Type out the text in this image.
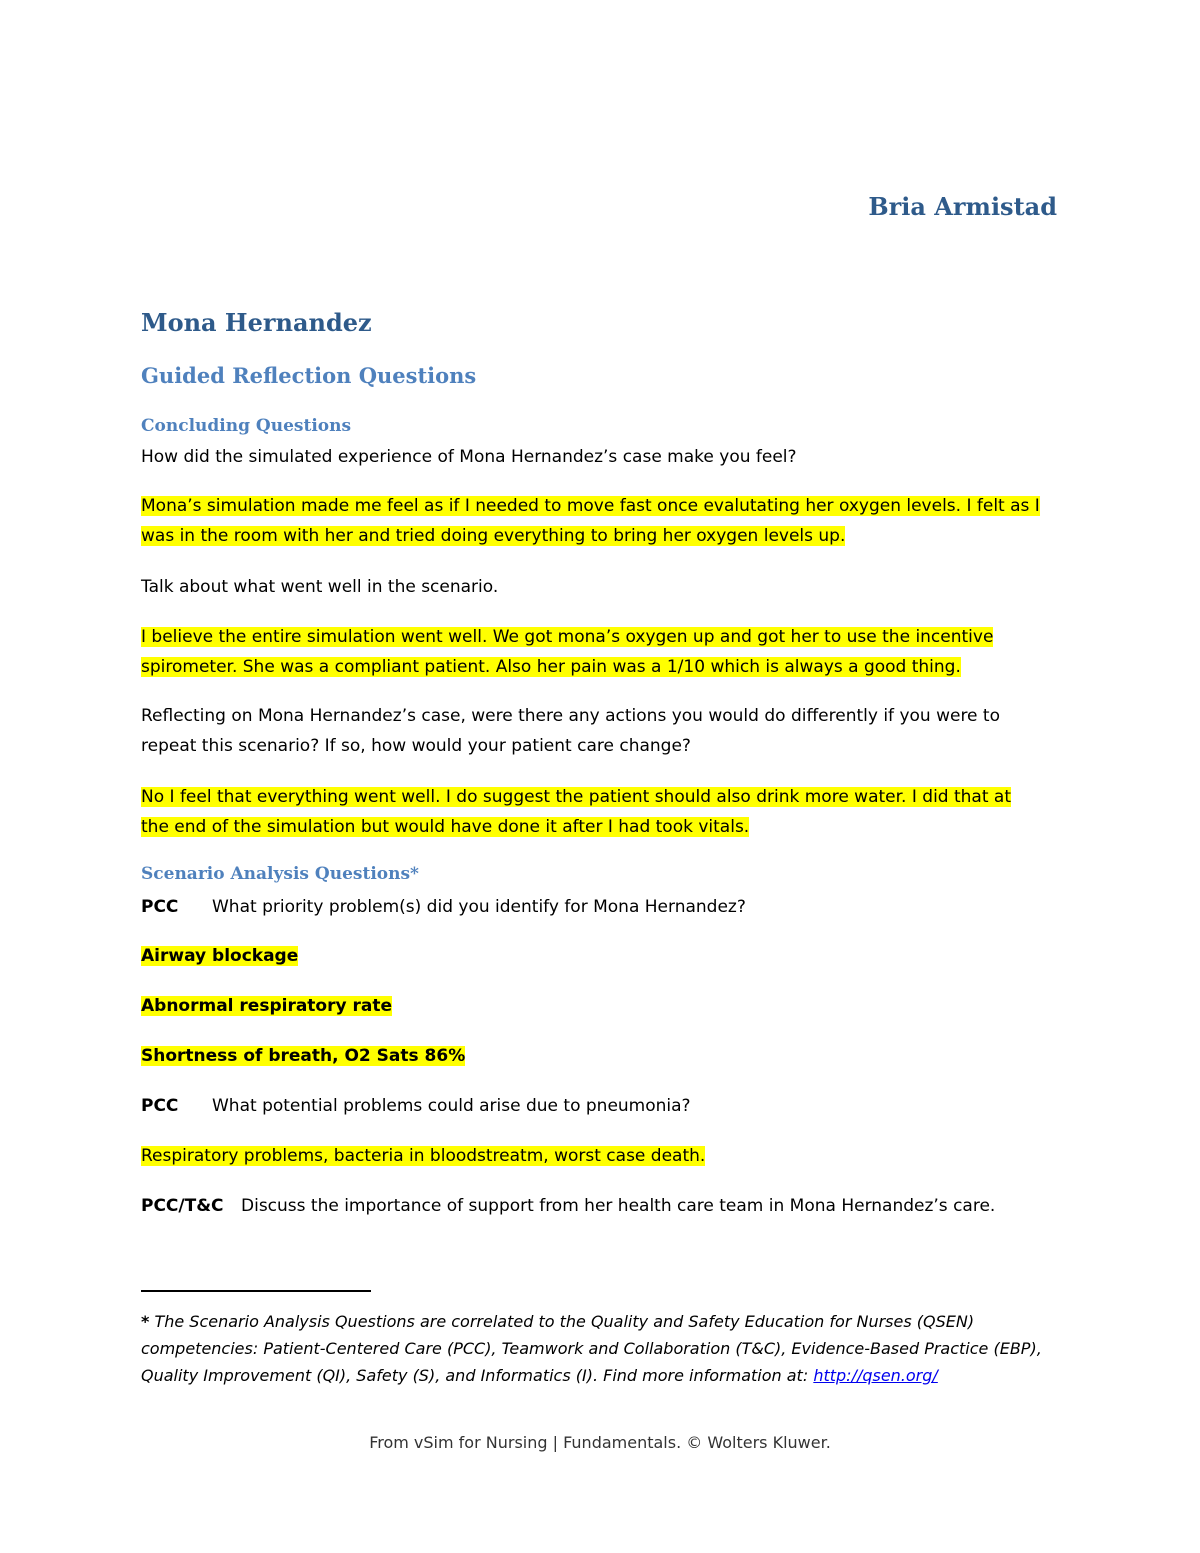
Bria Armistad
Mona Hernandez
Guided Reflection Questions
Concluding Questions
How did the simulated experience of Mona Hernandez’s case make you feel?
Mona’s simulation made me feel as if I needed to move fast once evalutating her oxygen levels. I felt as I
was in the room with her and tried doing everything to bring her oxygen levels up.
Talk about what went well in the scenario.
I believe the entire simulation went well. We got mona’s oxygen up and got her to use the incentive
spirometer. She was a compliant patient. Also her pain was a 1/10 which is always a good thing.
Reflecting on Mona Hernandez’s case, were there any actions you would do differently if you were to
repeat this scenario? If so, how would your patient care change?
No I feel that everything went well. I do suggest the patient should also drink more water. I did that at
the end of the simulation but would have done it after I had took vitals.
Scenario Analysis Questions*
PCC What priority problem(s) did you identify for Mona Hernandez?
Airway blockage
Abnormal respiratory rate
Shortness of breath, O2 Sats 86%
PCC What potential problems could arise due to pneumonia?
Respiratory problems, bacteria in bloodstreatm, worst case death.
PCC/T&C Discuss the importance of support from her health care team in Mona Hernandez’s care.
* The Scenario Analysis Questions are correlated to the Quality and Safety Education for Nurses (QSEN) competencies: Patient-Centered Care (PCC), Teamwork and Collaboration (T&C), Evidence-Based Practice (EBP), Quality Improvement (QI), Safety (S), and Informatics (I). Find more information at: http://qsen.org/
From vSim for Nursing | Fundamentals. © Wolters Kluwer.
